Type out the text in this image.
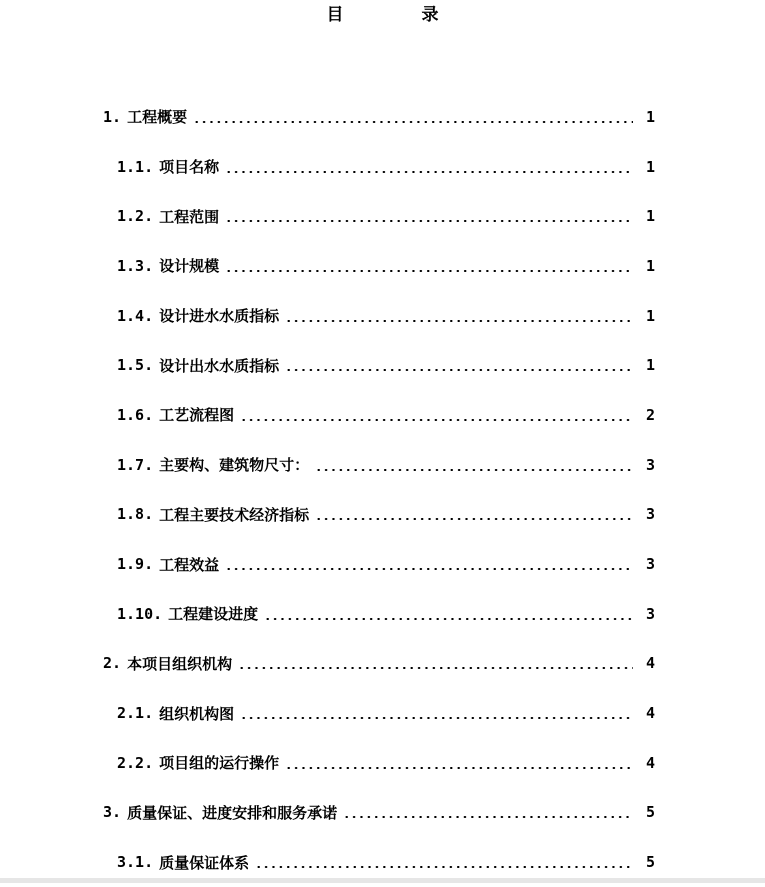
目	录
1. 工程概要	1
1.1. 项目名称	1
1.2. 工程范围	1
1.3. 设计规模	1
1.4. 设计进水水质指标	1
1.5. 设计出水水质指标	1
1.6. 工艺流程图	2
1.7. 主要构、建筑物尺寸：	3
1.8. 工程主要技术经济指标	3
1.9. 工程效益	3
1.10. 工程建设进度	3
2. 本项目组织机构	4
2.1. 组织机构图	4
2.2. 项目组的运行操作	4
3. 质量保证、进度安排和服务承诺	5
3.1. 质量保证体系	5
